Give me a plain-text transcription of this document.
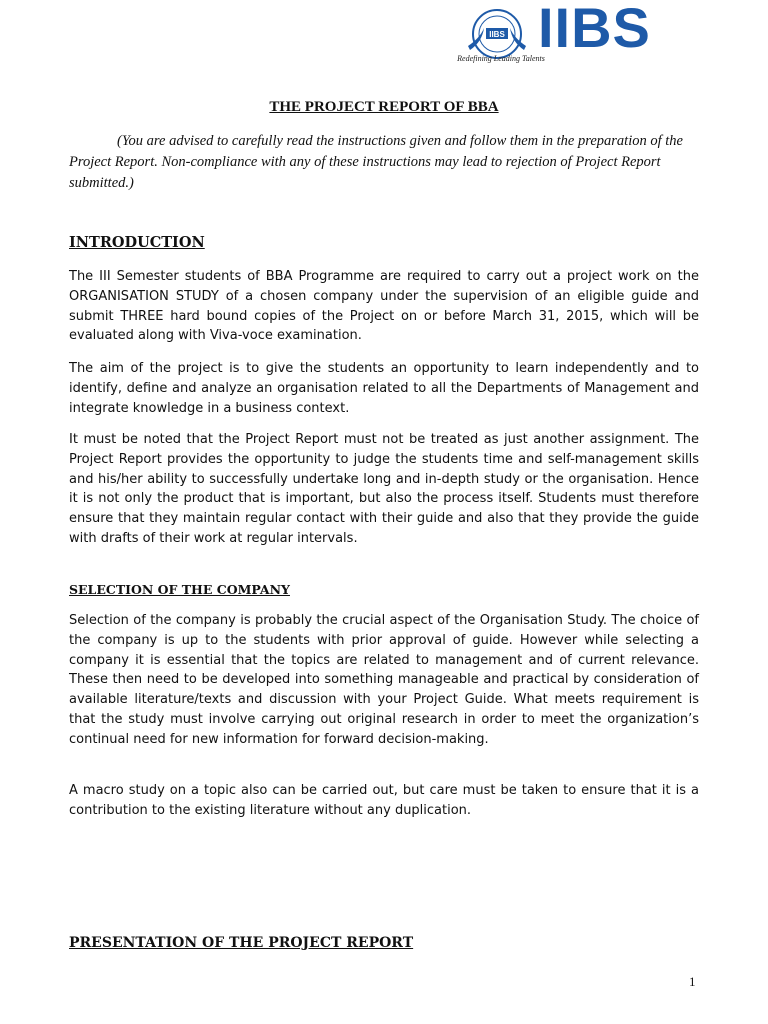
IIBS IIBS
Redefining Leading Talents
THE PROJECT REPORT OF BBA
(You are advised to carefully read the instructions given and follow them in the preparation of the Project Report. Non-compliance with any of these instructions may lead to rejection of Project Report submitted.)
INTRODUCTION
The III Semester students of BBA Programme are required to carry out a project work on the ORGANISATION STUDY of a chosen company under the supervision of an eligible guide and submit THREE hard bound copies of the Project on or before March 31, 2015, which will be evaluated along with Viva-voce examination.
The aim of the project is to give the students an opportunity to learn independently and to identify, define and analyze an organisation related to all the Departments of Management and integrate knowledge in a business context.
It must be noted that the Project Report must not be treated as just another assignment. The Project Report provides the opportunity to judge the students time and self-management skills and his/her ability to successfully undertake long and in-depth study or the organisation. Hence it is not only the product that is important, but also the process itself. Students must therefore ensure that they maintain regular contact with their guide and also that they provide the guide with drafts of their work at regular intervals.
SELECTION OF THE COMPANY
Selection of the company is probably the crucial aspect of the Organisation Study. The choice of the company is up to the students with prior approval of guide. However while selecting a company it is essential that the topics are related to management and of current relevance. These then need to be developed into something manageable and practical by consideration of available literature/texts and discussion with your Project Guide. What meets requirement is that the study must involve carrying out original research in order to meet the organization’s continual need for new information for forward decision-making.
A macro study on a topic also can be carried out, but care must be taken to ensure that it is a contribution to the existing literature without any duplication.
PRESENTATION OF THE PROJECT REPORT
1
